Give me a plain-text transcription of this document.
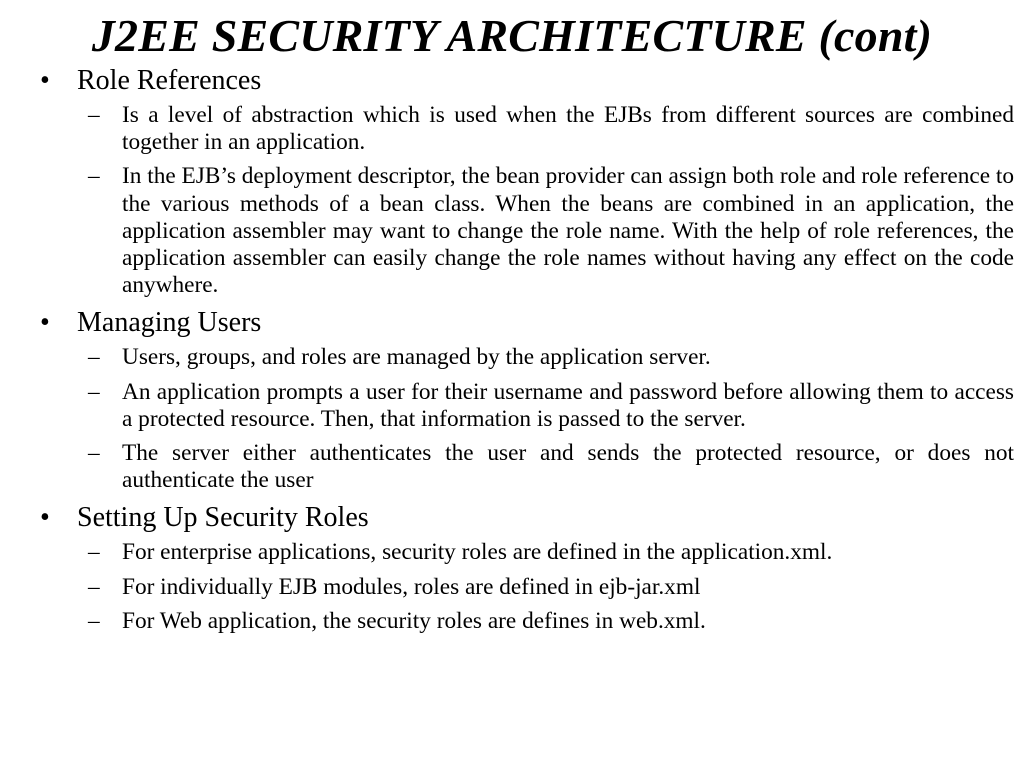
J2EE SECURITY ARCHITECTURE (cont)
• Role References
– Is a level of abstraction which is used when the EJBs from different sources are combined together in an application.
– In the EJB’s deployment descriptor, the bean provider can assign both role and role reference to the various methods of a bean class. When the beans are combined in an application, the application assembler may want to change the role name. With the help of role references, the application assembler can easily change the role names without having any effect on the code anywhere.
• Managing Users
– Users, groups, and roles are managed by the application server.
– An application prompts a user for their username and password before allowing them to access a protected resource. Then, that information is passed to the server.
– The server either authenticates the user and sends the protected resource, or does not authenticate the user
• Setting Up Security Roles
– For enterprise applications, security roles are defined in the application.xml.
– For individually EJB modules, roles are defined in ejb-jar.xml
– For Web application, the security roles are defines in web.xml.
